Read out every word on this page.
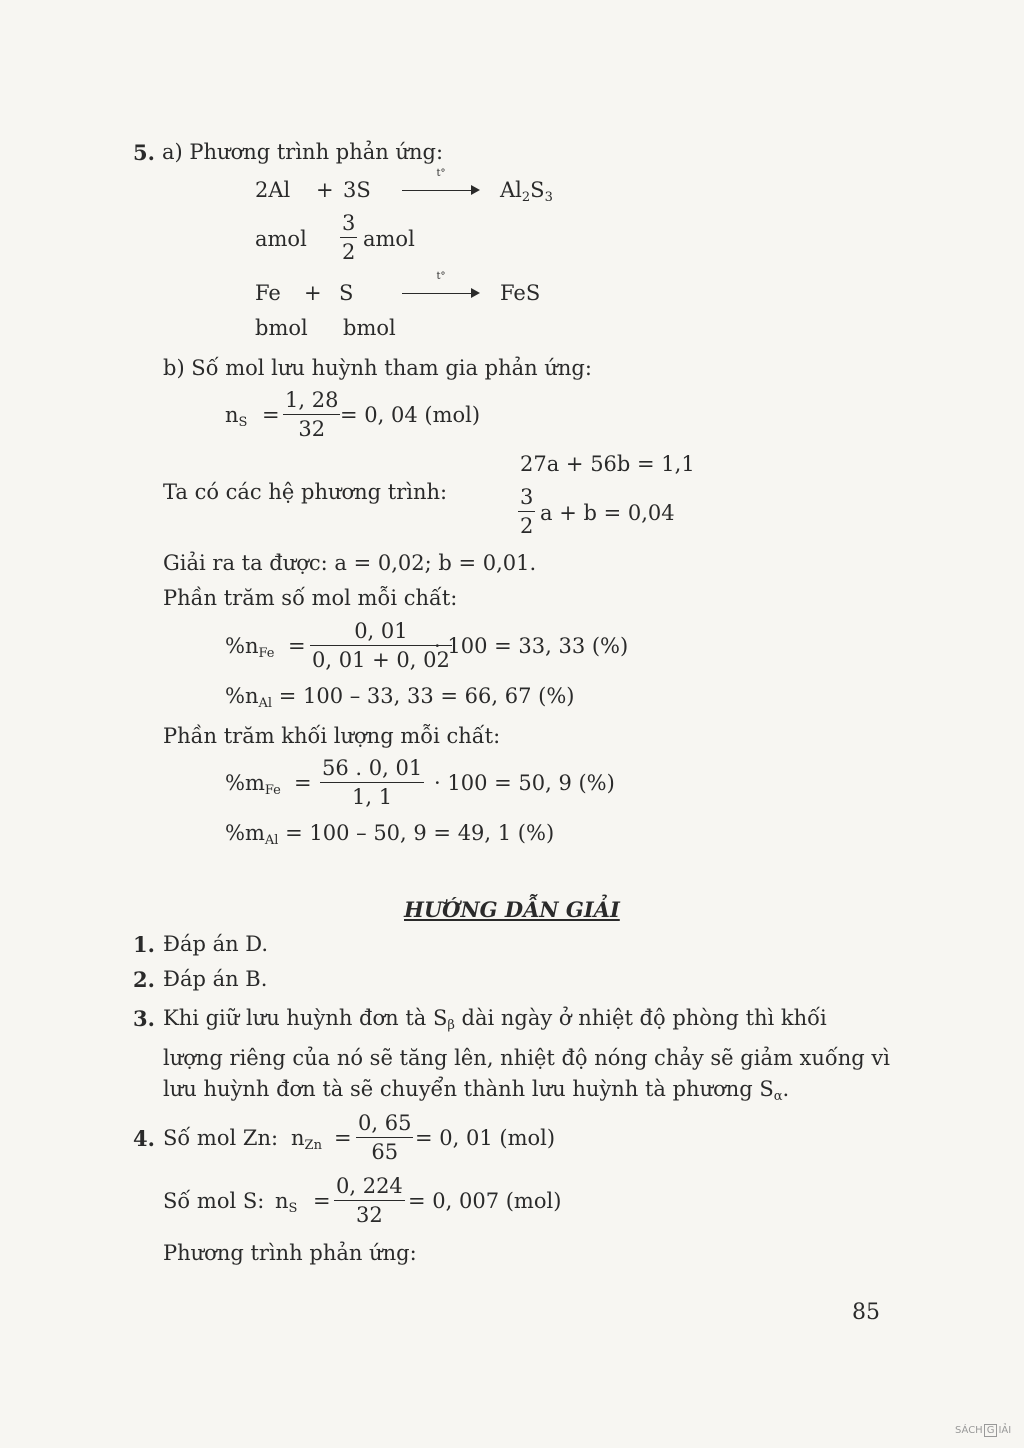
5. a) Phương trình phản ứng:
2Al + 3S
t°
$Al_2S_3$
amol $\frac{3}{2}$ amol
Fe + S
t°
FeS
bmol bmol
b) Số mol lưu huỳnh tham gia phản ứng:
$n_S = \frac{1, 28}{32} = 0$, 04 (mol)
27a + 56b = 1,1
Ta có các hệ phương trình:	$\frac{3}{2}$ a + b = 0,04
Giải ra ta được: a = 0,02; b = 0,01.
Phần trăm số mol mỗi chất:
$\%n_{Fe} = \frac{0, 01}{0, 01 + 0, 02}$
· 100 = 33, 33 (%)
$\%n_{Al} = 100 - 33$, 33 = 66, 67 (%)
Phần trăm khối lượng mỗi chất:
$\%m_{Fe} = \frac{56 . 0, 01}{1, 1} \cdot 100 = 50$, 9 (%)
$\%m_{Al} = 100 - 50$, 9 = 49, 1 (%)
HƯỚNG DẪN GIẢI
1. Đáp án D.
2. Đáp án B.
3. Khi giữ lưu huỳnh đơn tà $S_\beta$ dài ngày ở nhiệt độ phòng thì khối
lượng riêng của nó sẽ tăng lên, nhiệt độ nóng chảy sẽ giảm xuống vì
lưu huỳnh đơn tà sẽ chuyển thành lưu huỳnh tà phương $S_\alpha$.
4. Số mol Zn: $n_{Zn} = \frac{0, 65}{65} = 0$, 01 (mol)
Số mol S: $n_S = \frac{0, 224}{32} = 0$, 007 (mol)
Phương trình phản ứng:
85
SÁCH G IẢI
